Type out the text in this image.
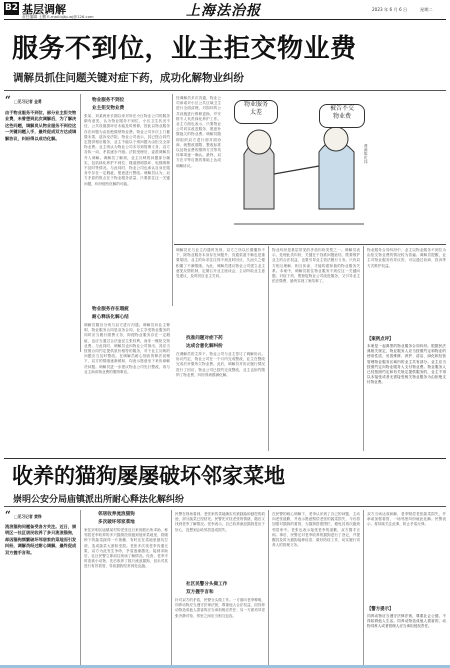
B2 基层调解
责任编辑 王鹏 E-mail:bjtp-wj@126.com	上海法治报	2023 年 6 月 6 日	星期二
服务不到位，业主拒交物业费
调解员抓住问题关键对症下药，成功化解物业纠纷
“ □见习记者 金勇
由于物业服务不到位，部分业主拒交物业费，未曾想到此次调解后，为了解决这些问题，调解员从物业服务不到位这一关键问题入手，最终促成双方达成调解协议，纠纷得以成功化解。
物业服务不到位
业主拒交物业费
张某、刘某两家长期以来对所在小区物业公司的服务颇有意见，认为物业服务不到位，小区卫生状况不佳，公共设施损坏后未能及时维修，因此以物业服务存在问题为由拒绝缴纳物业费。物业公司多次上门催缴未果，遂诉至法院。物业公司表示，其已按合同约定提供相应服务，业主不能以个别问题为由拒交全部物业费。业主则认为物业公司未尽到管理义务，双方各执一词，矛盾逐步升级。法院受理后，委派调解员介入调解。调解员了解到，业主反映的问题部分属实，包括绿化养护不到位、楼道照明损坏、电梯维修不及时等情况。与此同时，物业公司也承认自身在服务中存在一定瑕疵，愿意进行整改。调解员认为，双方矛盾的焦点在于物业服务质量，只要抓住这一关键问题，纠纷便有化解的可能。
物业服务存在瑕疵
耐心释法化解心结
调解员随后分别与双方进行沟通。调解员向业主释明，物业服务合同是双务合同，业主享受物业服务的同时应当履行缴费义务，即便物业服务存在一定瑕疵，也应当通过合法途径主张权利，而非一概拒交物业费。与此同时，调解员也向物业公司指出，其应当按照合同约定提供质价相符的服务，对于业主反映的问题应当及时整改。在调解员耐心细致的释法说理下，双方的情绪逐渐缓和，均表示愿意坐下来协商解决问题。调解员进一步建议物业公司先行整改，再与业主商谈物业费的缴纳事宜。
经调解员多次沟通，物业公司承诺对小区公共区域卫生进行全面清理，对损坏的公共设施进行维修更换，并安排专人负责绿化养护工作。业主方面也表示，只要物业公司切实改进服务，愿意补缴拖欠的物业费。调解员随即组织双方进行面对面协商，就整改期限、整改标准以及物业费的缴纳方式等具体事项逐一确认。最终，双方在平等自愿的基础上达成调解协议。
物业服务
太差
被告不交
物业费
漫画 陈佐纬
调解员在与业主沟通时发现，双方之所以长期僵持不下，除物业服务本身存在问题外，沟通渠道不畅也是重要原因。业主的诉求往往得不到及时回应，久而久之便积累了不满情绪。为此，调解员建议物业公司建立业主意见反馈机制，定期召开业主座谈会，主动听取业主意见建议，及时回应业主关切。
找准问题对症下药
达成合意化解纠纷
在调解员的主持下，物业公司与业主签订了调解协议。协议约定，物业公司在一个月内完成整改，业主在整改完成后补缴所欠物业费。此后，调解员对协议履行情况进行了回访，物业公司已按约完成整改，业主也如约缴纳了物业费，纠纷得到圆满化解。
物业纠纷是基层常见的矛盾纠纷类型之一。调解员表示，处理此类纠纷，关键在于找准问题症结，既要维护业主的合法权益，也要引导业主依法履行义务。只有双方相互理解、相互体谅，才能构建和谐的物业服务关系。本案中，调解员抓住物业服务不到位这一关键问题，对症下药，既督促物业公司改进服务，又引导业主依法缴费，最终实现了案结事了。
物业服务合同纠纷中，业主以物业服务不到位为由拒交物业费的情况较为普遍。调解员提醒，业主对物业服务有异议的，可以通过协商、投诉等方式维护权益。
【案例点评】
本案是一起典型的物业服务合同纠纷。根据民法典相关规定，物业服务人应当按照约定和物业的使用性质，妥善维修、养护、清洁、绿化和经营管理物业服务区域内的业主共有部分。业主应当按照约定向物业服务人支付物业费。物业服务人已经按照约定和有关规定提供服务的，业主不得以未接受或者无需接受相关物业服务为由拒绝支付物业费。
收养的猫狗屡屡破坏邻家菜地
崇明公安分局庙镇派出所耐心释法化解纠纷
“ □见习记者 黄铮
流浪猫狗问题备受各方关注。近日，崇明区一社区居民收养了多只流浪猫狗，却因猫狗频繁破坏邻居家的菜地而引发纠纷，调解员经过耐心调解，最终促成双方握手言和。
邻居收养流浪猫狗
多次破坏邻家菜地
家住崇明区庙镇某村的老张近日来到派出所求助，称邻居老李收养的多只猫狗经常跑到他家菜地里，将刚种下的蔬菜踩得一片狼藉，有时还在菜地里刨坑打滚，造成蔬菜大面积受损。老张多次找老李沟通无果，双方为此发生争吵，矛盾逐渐激化。接到求助后，社区民警立即前往现场了解情况。经查，老李平时喜欢小动物，先后收养了数只流浪猫狗，但未对其进行有效看管，导致猫狗经常到处乱跑。
民警在现场看到，老张家的菜地确实有被踩踏和刨挖的痕迹，部分蔬菜已经枯死。民警先安抚老张的情绪，随后又找到老李了解情况。老李表示，自己收养流浪猫狗是出于好心，没想到会给邻居造成损失。
社区民警分头做工作
双方握手言和
针对双方的矛盾，民警分头做工作。一方面向老李释明，饲养动物应当遵守法律法规，尊重他人合法权益，因饲养动物造成他人损害的应当承担相应责任；另一方面劝导老张冷静对待，邻里之间应当相互包容。
在民警的耐心调解下，老李认识到了自己的问题，主动向老张道歉，并表示愿意赔偿老张的蔬菜损失，今后将加强对猫狗的看管，为猫狗搭建围栏，避免其再次跑到邻居家中。老张也表示接受老李的道歉，双方握手言和。事后，民警还对老李收养的猫狗进行了登记，并提醒其及时为猫狗接种疫苗，做好防疫工作，切实履行饲养人的管理义务。
双方当场达成和解，老李赔偿老张蔬菜损失，并承诺加强看管，一场邻里纠纷就此化解。民警表示，将持续关注此事，防止矛盾反弹。
【警方提示】
饲养动物应当遵守法律法规，尊重社会公德，不得妨碍他人生活。饲养动物造成他人损害的，动物饲养人或者管理人应当承担侵权责任。
